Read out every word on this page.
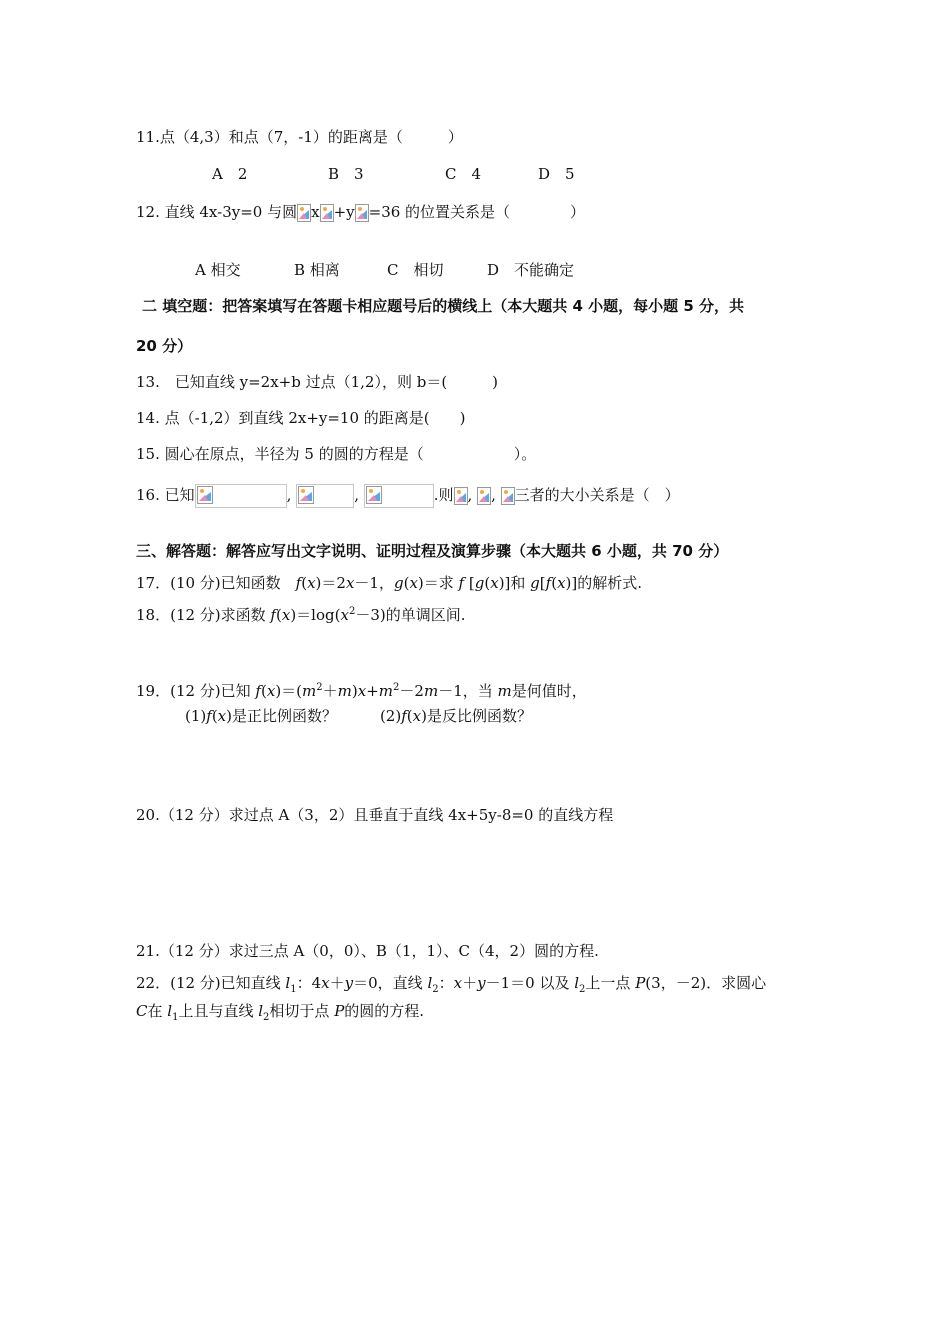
11.点（4,3）和点（7，-1）的距离是（　　　）
A　2	B　3	C　4	D　5
12. 直线 4x-3y=0 与圆 x +y =36 的位置关系是（　　　　）
A 相交	B 相离	C　相切	D　不能确定
二 填空题：把答案填写在答题卡相应题号后的横线上（本大题共 4 小题，每小题 5 分，共
20 分）
13.　已知直线 y=2x+b 过点（1,2），则 b＝(　　　)
14. 点（-1,2）到直线 2x+y=10 的距离是(　　)
15. 圆心在原点，半径为 5 的圆的方程是（　　　　　　）。
16. 已知	,	,	.则 , , 三者的大小关系是（　）
三、解答题：解答应写出文字说明、证明过程及演算步骤（本大题共 6 小题，共 70 分）
17．(10 分)已知函数　f(x)＝2x－1，g(x)＝求 f [g(x)]和 g[f(x)]的解析式.
18．(12 分)求函数 $f(x)=\log(x^2-3)$的单调区间.
19．(12 分)已知 $f(x)=(m^2+m)x+m^2-2m-1$，当 m是何值时，
(1)f(x)是正比例函数？	(2)f(x)是反比例函数？
20.（12 分）求过点 A（3，2）且垂直于直线 4x+5y-8=0 的直线方程
21.（12 分）求过三点 A（0，0）、B（1，1）、C（4，2）圆的方程.
22．(12 分)已知直线 $l_1$：4x＋y＝0，直线 $l_2$：x＋y－1＝0 以及 $l_2$上一点 P(3，－2)．求圆心
C在 $l_1$上且与直线 $l_2$相切于点 P的圆的方程.
